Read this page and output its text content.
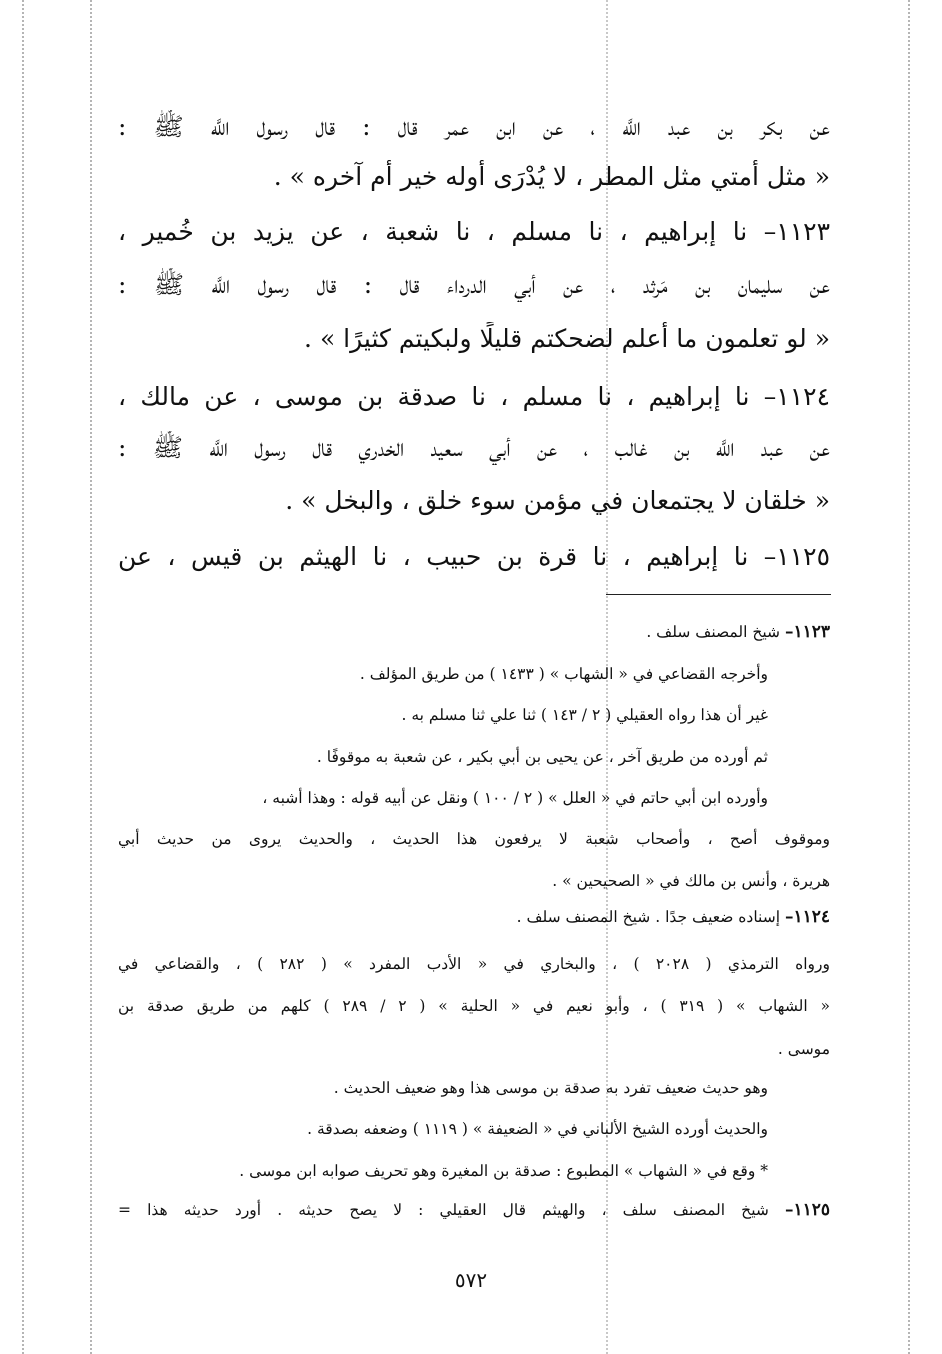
عن بكر بن عبد اللَّه ، عن ابن عمر قال : قال رسول اللَّه ﷺ :
« مثل أُمتي مثل المطر ، لا يُدْرَى أوله خير أم آخره » .
١١٢٣– نا إبراهيم ، نا مسلم ، نا شعبة ، عن يزيد بن خُمير ،
عن سليمان بن مَرثد ، عن أبي الدرداء قال : قال رسول اللَّه ﷺ :
« لو تعلمون ما أعلم لضحكتم قليلًا ولبكيتم كثيرًا » .
١١٢٤– نا إبراهيم ، نا مسلم ، نا صدقة بن موسى ، عن مالك ،
عن عبد اللَّه بن غالب ، عن أبي سعيد الخدري قال رسول اللَّه ﷺ :
« خلقان لا يجتمعان في مؤمن سوء خلق ، والبخل » .
١١٢٥– نا إبراهيم ، نا قرة بن حبيب ، نا الهيثم بن قيس ، عن
١١٢٣– شيخ المصنف سلف .
وأخرجه القضاعي في « الشهاب » ( ١٤٣٣ ) من طريق المؤلف .
غير أن هذا رواه العقيلي ( ٢ / ١٤٣ ) ثنا علي ثنا مسلم به .
ثم أورده من طريق آخر ، عن يحيى بن أبي بكير ، عن شعبة به موقوفًا .
وأورده ابن أبي حاتم في « العلل » ( ٢ / ١٠٠ ) ونقل عن أبيه قوله : وهذا أشبه ،
وموقوف أصح ، وأصحاب شعبة لا يرفعون هذا الحديث ، والحديث يروى من حديث أبي
هريرة ، وأنس بن مالك في « الصحيحين » .
١١٢٤– إسناده ضعيف جدًا . شيخ المصنف سلف .
ورواه الترمذي ( ٢٠٢٨ ) ، والبخاري في « الأدب المفرد » ( ٢٨٢ ) ، والقضاعي في
« الشهاب » ( ٣١٩ ) ، وأبو نعيم في « الحلية » ( ٢ / ٢٨٩ ) كلهم من طريق صدقة بن
موسى .
وهو حديث ضعيف تفرد به صدقة بن موسى هذا وهو ضعيف الحديث .
والحديث أورده الشيخ الألباني في « الضعيفة » ( ١١١٩ ) وضعفه بصدقة .
* وقع في « الشهاب » المطبوع : صدقة بن المغيرة وهو تحريف صوابه ابن موسى .
١١٢٥– شيخ المصنف سلف ، والهيثم قال العقيلي : لا يصح حديثه . أورد حديثه هذا =
٥٧٢
